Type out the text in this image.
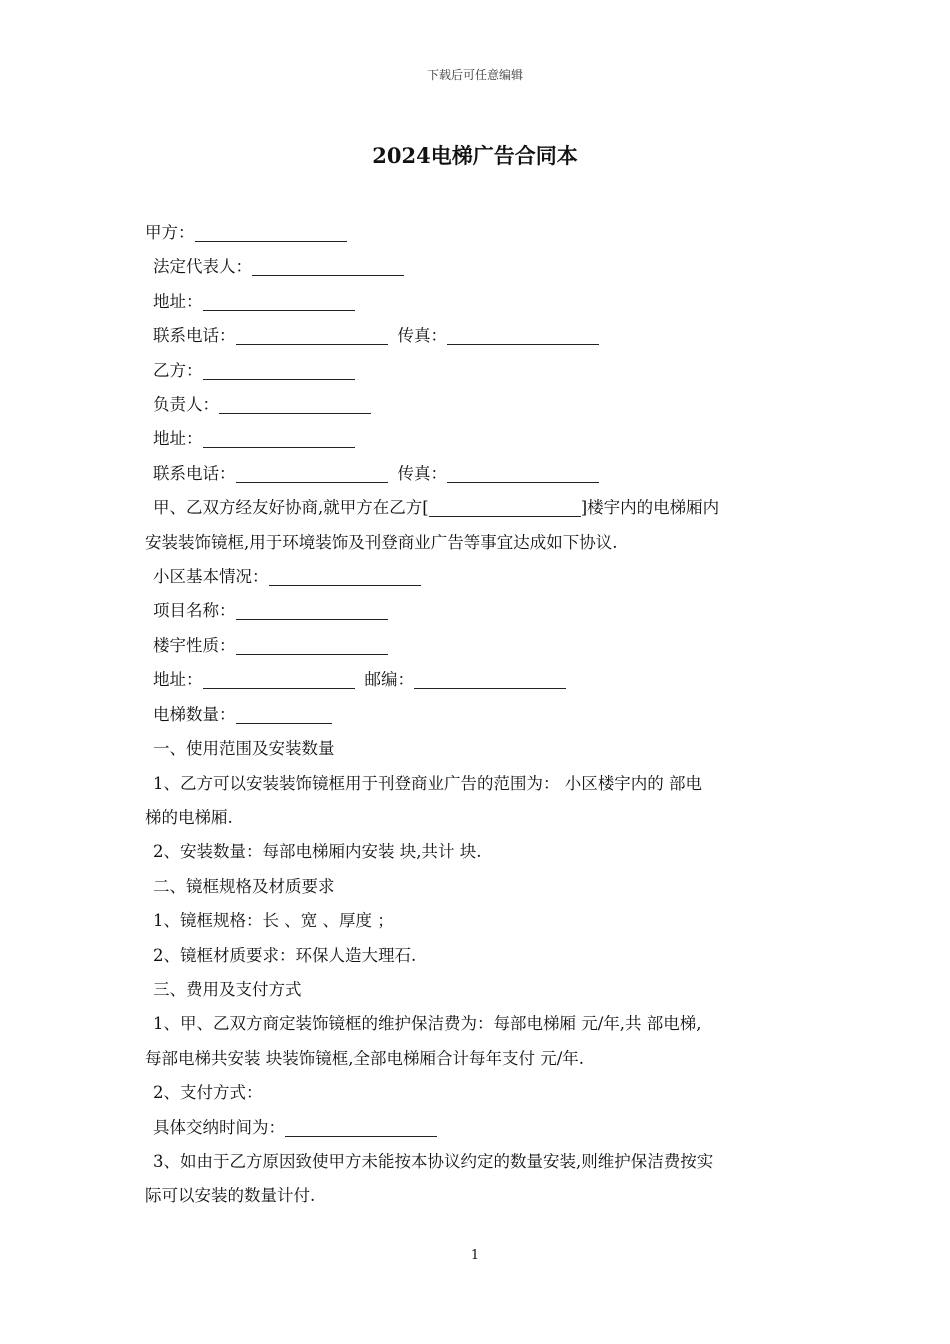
下载后可任意编辑
2024电梯广告合同本
甲方：
法定代表人：
地址：
联系电话：	传真：
乙方：
负责人：
地址：
联系电话：	传真：
甲、乙双方经友好协商,就甲方在乙方[	]楼宇内的电梯厢内
安装装饰镜框,用于环境装饰及刊登商业广告等事宜达成如下协议.
小区基本情况：
项目名称：
楼宇性质：
地址：	邮编：
电梯数量：
一、使用范围及安装数量
1、乙方可以安装装饰镜框用于刊登商业广告的范围为： 小区楼宇内的 部电
梯的电梯厢.
2、安装数量：每部电梯厢内安装 块,共计 块.
二、镜框规格及材质要求
1、镜框规格：长 、宽 、厚度 ；
2、镜框材质要求：环保人造大理石.
三、费用及支付方式
1、甲、乙双方商定装饰镜框的维护保洁费为：每部电梯厢 元/年,共 部电梯,
每部电梯共安装 块装饰镜框,全部电梯厢合计每年支付 元/年.
2、支付方式：
具体交纳时间为：
3、如由于乙方原因致使甲方未能按本协议约定的数量安装,则维护保洁费按实
际可以安装的数量计付.
1
